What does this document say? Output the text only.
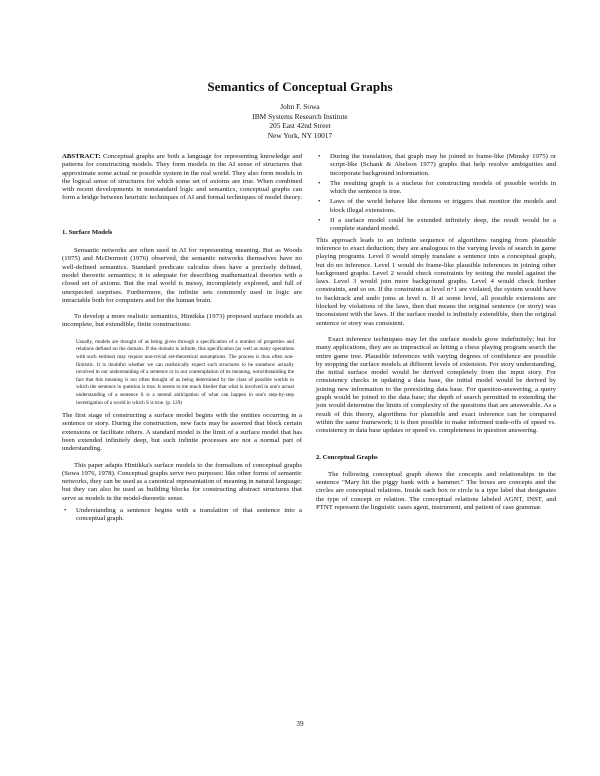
Semantics of Conceptual Graphs
John F. Sowa
IBM Systems Research Institute
205 East 42nd Street
New York, NY 10017

ABSTRACT: Conceptual graphs are both a language for representing knowledge and patterns for constructing models. They form models in the AI sense of structures that approximate some actual or possible system in the real world. They also form models in the logical sense of structures for which some set of axioms are true. When combined with recent developments in nonstandard logic and semantics, conceptual graphs can form a bridge between heuristic techniques of AI and formal techniques of model theory.

1. Surface Models

Semantic networks are often used in AI for representing meaning. But as Woods (1975) and McDermott (1976) observed, the semantic networks themselves have no well-defined semantics. Standard predicate calculus does have a precisely defined, model theoretic semantics; it is adequate for describing mathematical theories with a closed set of axioms. But the real world is messy, incompletely explored, and full of unexpected surprises. Furthermore, the infinite sets commonly used in logic are intractable both for computers and for the human brain.

To develop a more realistic semantics, Hintikka (1973) proposed surface models as incomplete, but extendible, finite constructions:

Usually, models are thought of as being given through a specification of a number of properties and relations defined on the domain. If the domain is infinite, this specification (as well as many operations with such entities) may require non-trivial set-theoretical assumptions. The process is thus often non-finitistic. It is doubtful whether we can realistically expect such structures to be somehow actually involved in our understanding of a sentence or in our contemplation of its meaning, notwithstanding the fact that this meaning is too often thought of as being determined by the class of possible worlds in which the sentence in question is true. It seems to me much likelier that what is involved in one's actual understanding of a sentence S is a mental anticipation of what can happen in one's step-by-step investigation of a world in which S is true. (p. 129)

The first stage of constructing a surface model begins with the entities occurring in a sentence or story. During the construction, new facts may be asserted that block certain extensions or facilitate others. A standard model is the limit of a surface model that has been extended infinitely deep, but such infinite processes are not a normal part of understanding.

This paper adapts Hintikka's surface models to the formalism of conceptual graphs (Sowa 1976, 1978). Conceptual graphs serve two purposes: like other forms of semantic networks, they can be used as a canonical representation of meaning in natural language; but they can also be used as building blocks for constructing abstract structures that serve as models in the model-theoretic sense.

• Understanding a sentence begins with a translation of that sentence into a conceptual graph.
• During the translation, that graph may be joined to frame-like (Minsky 1975) or script-like (Schank & Abelson 1977) graphs that help resolve ambiguities and incorporate background information.
• The resulting graph is a nucleus for constructing models of possible worlds in which the sentence is true.
• Laws of the world behave like demons or triggers that monitor the models and block illegal extensions.
• If a surface model could be extended infinitely deep, the result would be a complete standard model.

This approach leads to an infinite sequence of algorithms ranging from plausible inference to exact deduction; they are analogous to the varying levels of search in game playing programs. Level 0 would simply translate a sentence into a conceptual graph, but do no inference. Level 1 would do frame-like plausible inferences in joining other background graphs. Level 2 would check constraints by testing the model against the laws. Level 3 would join more background graphs. Level 4 would check further constraints, and so on. If the constraints at level n+1 are violated, the system would have to backtrack and undo joins at level n. If at some level, all possible extensions are blocked by violations of the laws, then that means the original sentence (or story) was inconsistent with the laws. If the surface model is infinitely extendible, then the original sentence or story was consistent.

Exact inference techniques may let the surface models grow indefinitely; but for many applications, they are as impractical as letting a chess playing program search the entire game tree. Plausible inferences with varying degrees of confidence are possible by stopping the surface models at different levels of extension. For story understanding, the initial surface model would be derived completely from the input story. For consistency checks in updating a data base, the initial model would be derived by joining new information to the preexisting data base. For question-answering, a query graph would be joined to the data base; the depth of search permitted in extending the join would determine the limits of complexity of the questions that are answerable. As a result of this theory, algorithms for plausible and exact inference can be compared within the same framework; it is then possible to make informed trade-offs of speed vs. consistency in data base updates or speed vs. completeness in question answering.

2. Conceptual Graphs

The following conceptual graph shows the concepts and relationships in the sentence "Mary hit the piggy bank with a hammer." The boxes are concepts and the circles are conceptual relations. Inside each box or circle is a type label that designates the type of concept or relation. The conceptual relations labeled AGNT, INST, and PTNT represent the linguistic cases agent, instrument, and patient of case grammar.

39
